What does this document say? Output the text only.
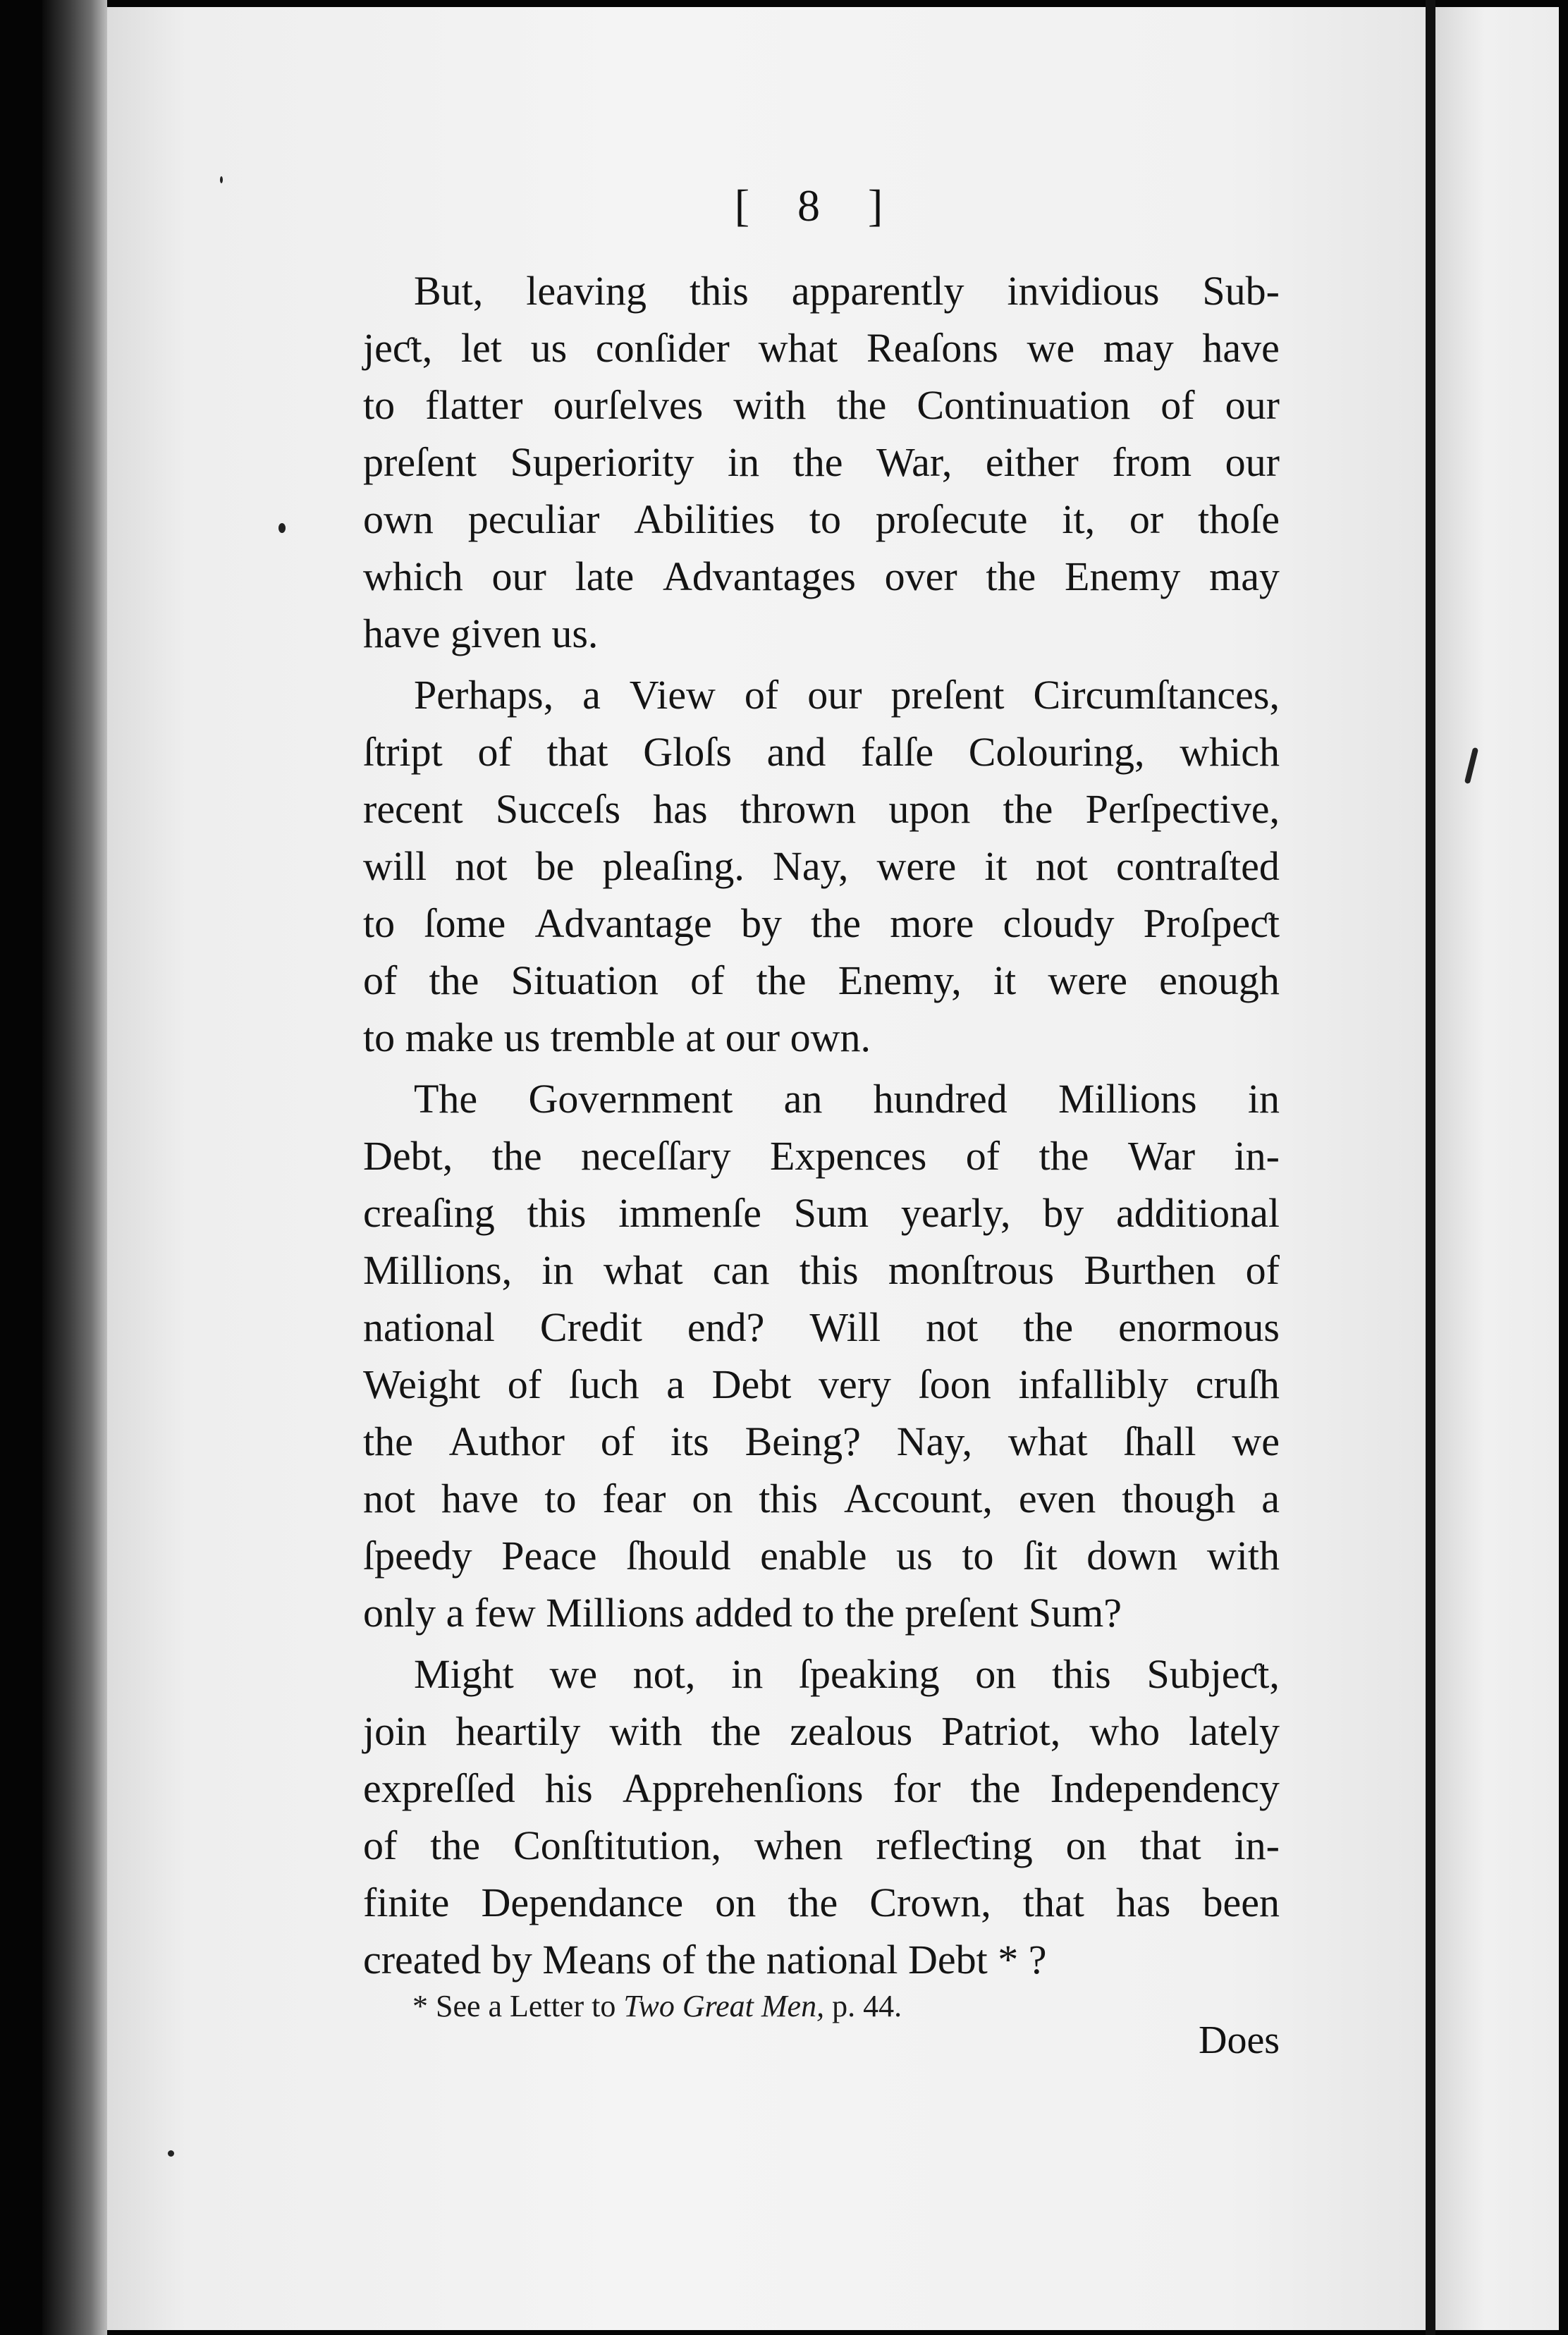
[ 8 ]
But, leaving this apparently invidious Sub-
jeƈt, let us conſider what Reaſons we may have
to flatter ourſelves with the Continuation of our
preſent Superiority in the War, either from our
own peculiar Abilities to proſecute it, or thoſe
which our late Advantages over the Enemy may
have given us.
Perhaps, a View of our preſent Circumſtances,
ſtript of that Gloſs and falſe Colouring, which
recent Succeſs has thrown upon the Perſpective,
will not be pleaſing. Nay, were it not contraſted
to ſome Advantage by the more cloudy Proſpeƈt
of the Situation of the Enemy, it were enough
to make us tremble at our own.
The Government an hundred Millions in
Debt, the neceſſary Expences of the War in-
creaſing this immenſe Sum yearly, by additional
Millions, in what can this monſtrous Burthen of
national Credit end? Will not the enormous
Weight of ſuch a Debt very ſoon infallibly cruſh
the Author of its Being? Nay, what ſhall we
not have to fear on this Account, even though a
ſpeedy Peace ſhould enable us to ſit down with
only a few Millions added to the preſent Sum?
Might we not, in ſpeaking on this Subjeƈt,
join heartily with the zealous Patriot, who lately
expreſſed his Apprehenſions for the Independency
of the Conſtitution, when refleƈting on that in-
finite Dependance on the Crown, that has been
created by Means of the national Debt * ?
* See a Letter to Two Great Men, p. 44.
Does
